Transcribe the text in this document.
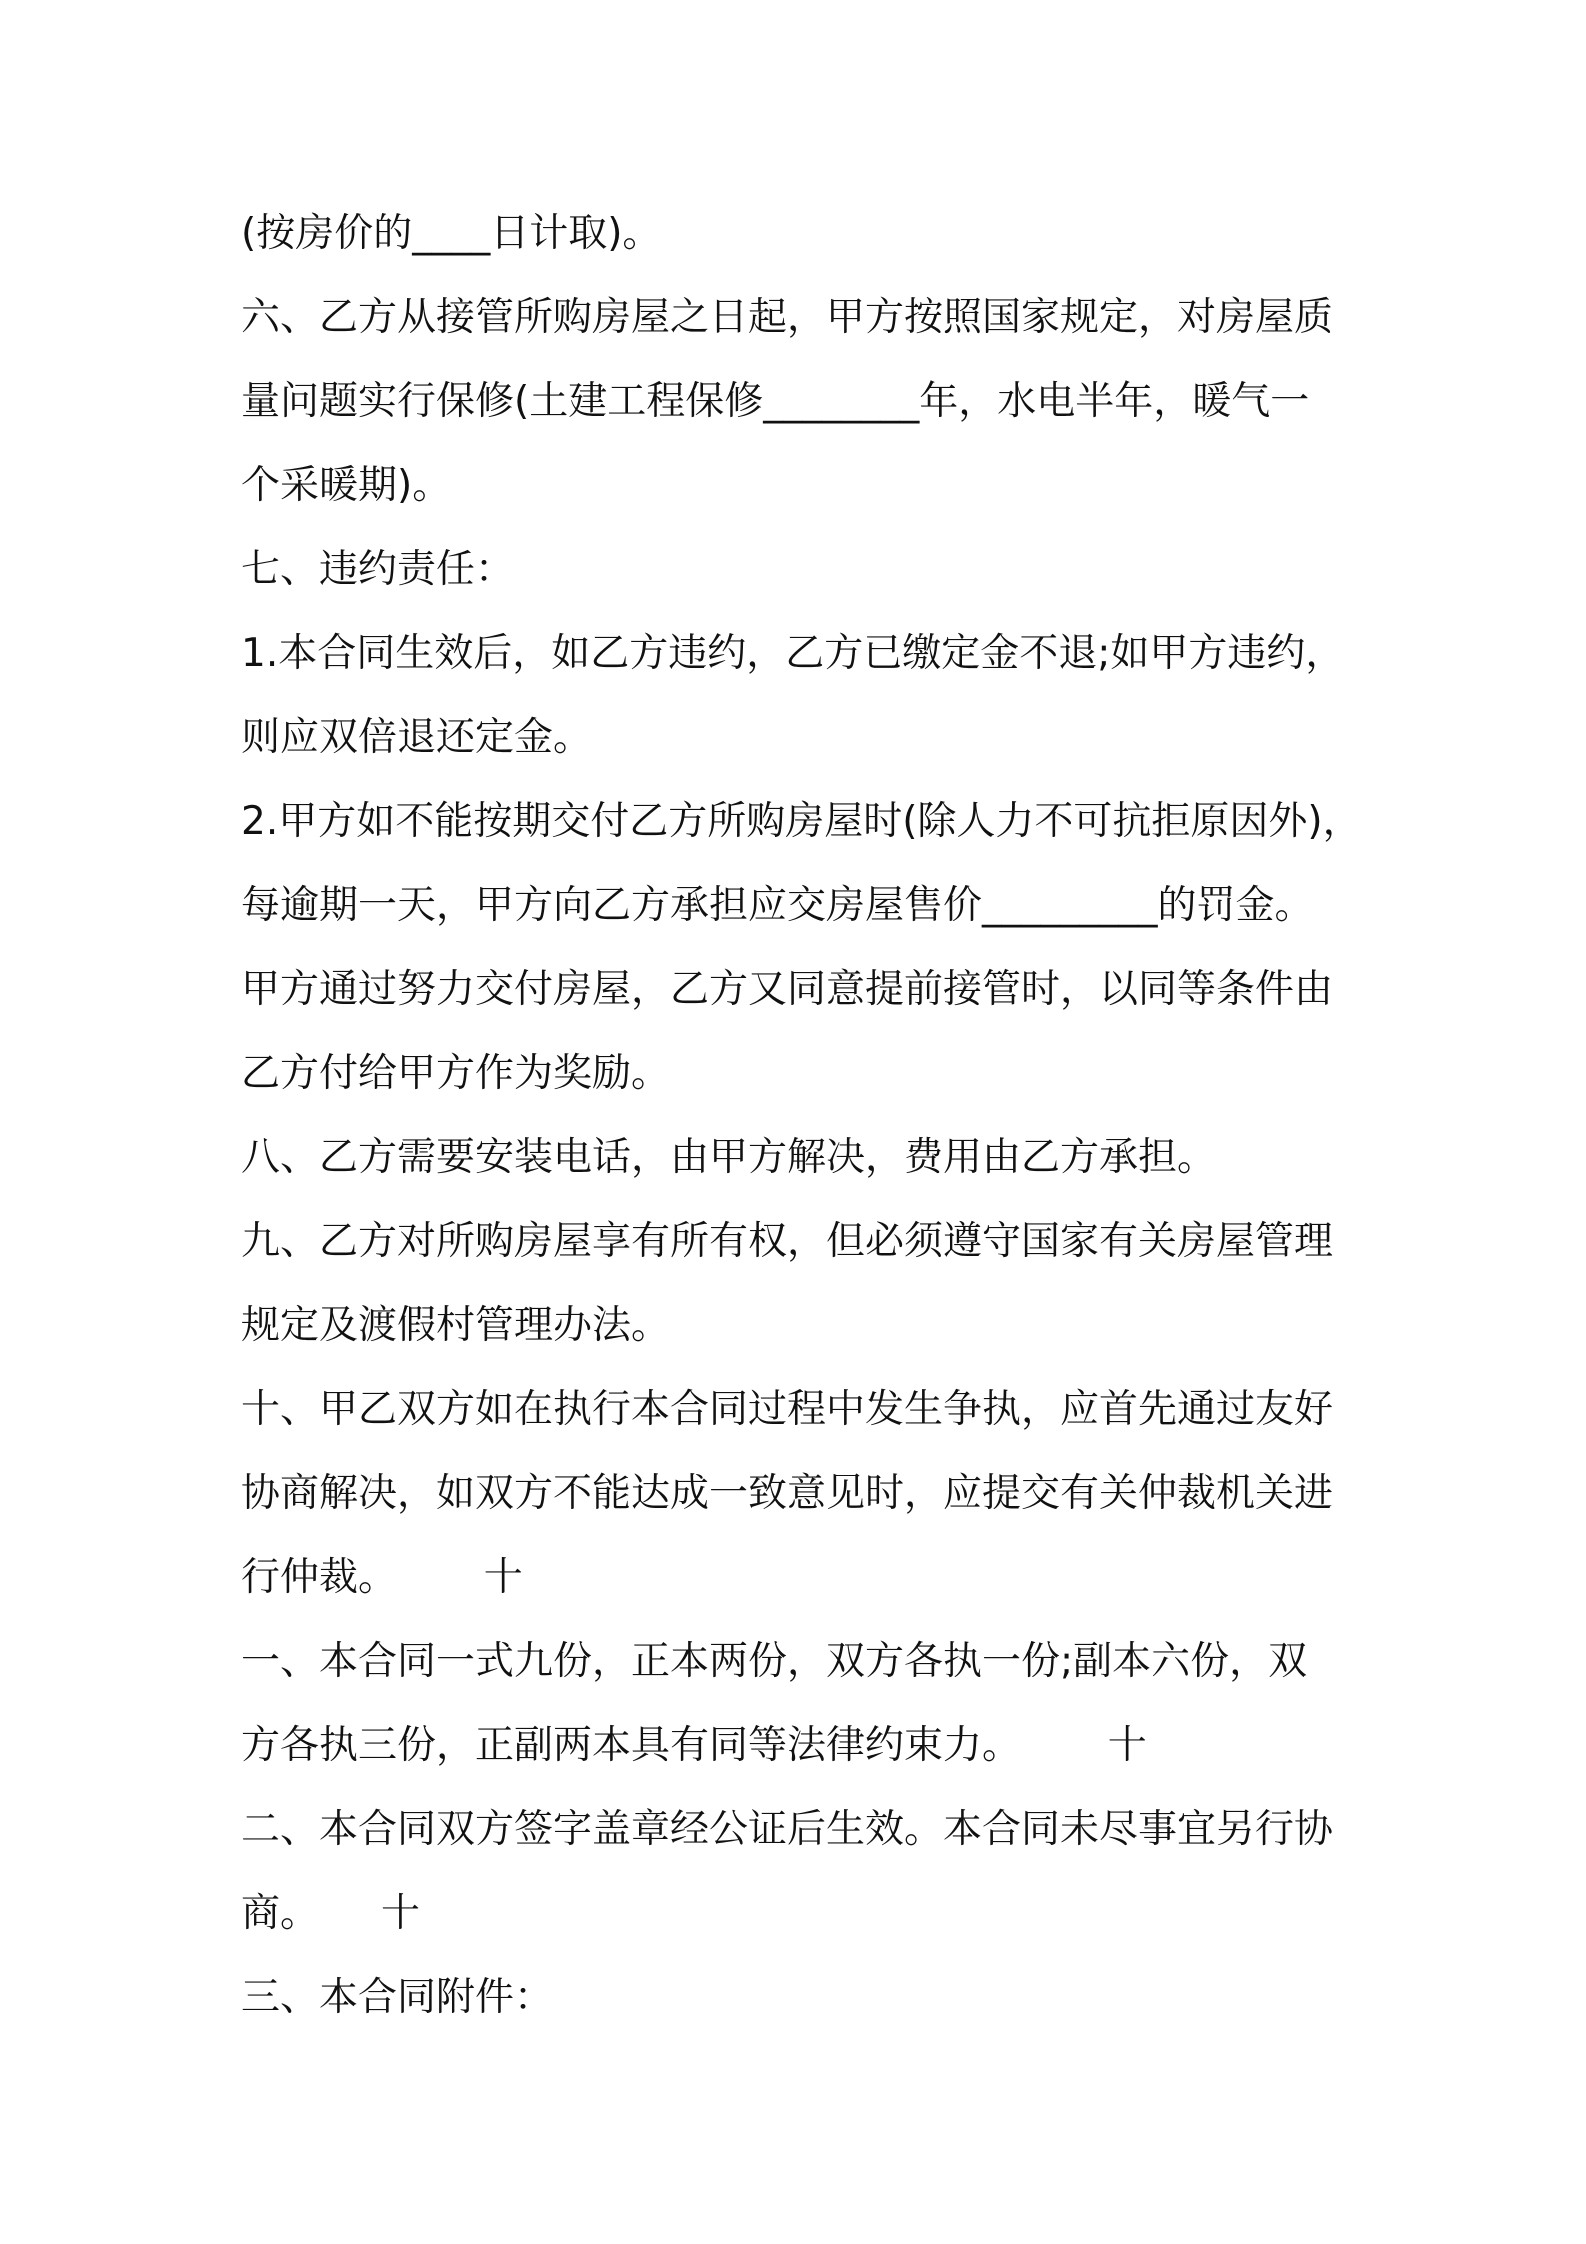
(按房价的____日计取)。

六、乙方从接管所购房屋之日起，甲方按照国家规定，对房屋质

量问题实行保修(土建工程保修________年，水电半年，暖气一

个采暖期)。

七、违约责任：

1.本合同生效后，如乙方违约，乙方已缴定金不退;如甲方违约，

则应双倍退还定金。

2.甲方如不能按期交付乙方所购房屋时(除人力不可抗拒原因外)，

每逾期一天，甲方向乙方承担应交房屋售价_________的罚金。

甲方通过努力交付房屋，乙方又同意提前接管时，以同等条件由

乙方付给甲方作为奖励。

八、乙方需要安装电话，由甲方解决，费用由乙方承担。

九、乙方对所购房屋享有所有权，但必须遵守国家有关房屋管理

规定及渡假村管理办法。

十、甲乙双方如在执行本合同过程中发生争执，应首先通过友好

协商解决，如双方不能达成一致意见时，应提交有关仲裁机关进

行仲裁。       十

一、本合同一式九份，正本两份，双方各执一份;副本六份，双

方各执三份，正副两本具有同等法律约束力。       十

二、本合同双方签字盖章经公证后生效。本合同未尽事宜另行协

商。     十

三、本合同附件：
